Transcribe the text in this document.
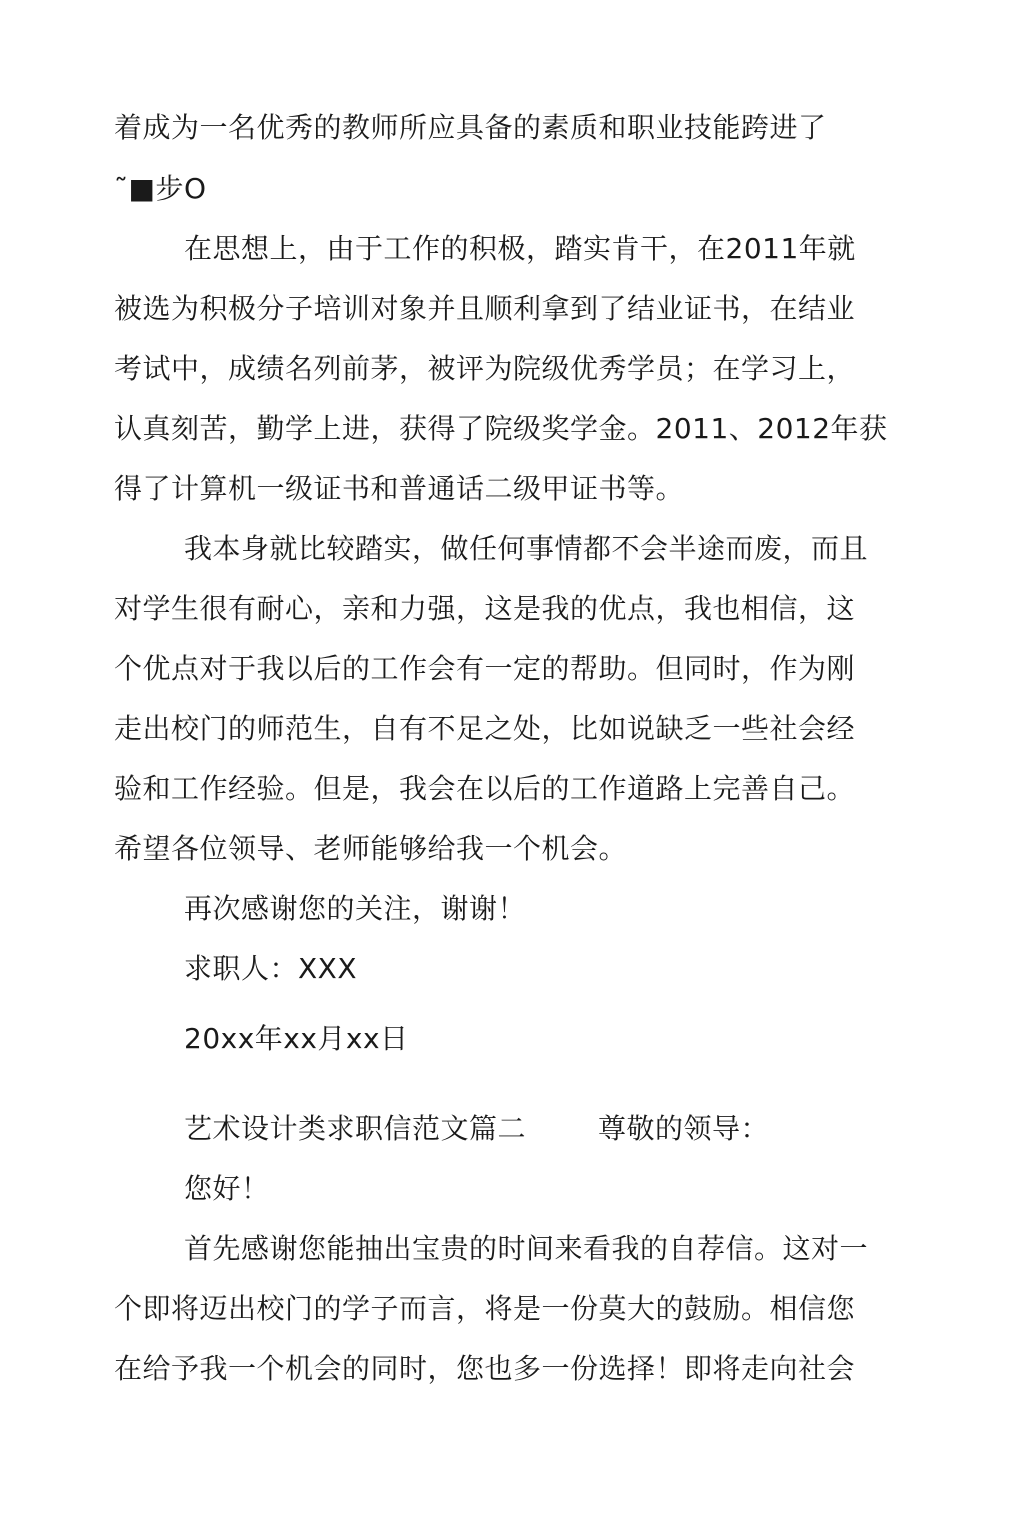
着成为一名优秀的教师所应具备的素质和职业技能跨进了
˜■步O
在思想上，由于工作的积极，踏实肯干，在2011年就
被选为积极分子培训对象并且顺利拿到了结业证书，在结业
考试中，成绩名列前茅，被评为院级优秀学员；在学习上，
认真刻苦，勤学上进，获得了院级奖学金。2011、2012年获
得了计算机一级证书和普通话二级甲证书等。
我本身就比较踏实，做任何事情都不会半途而废，而且
对学生很有耐心，亲和力强，这是我的优点，我也相信，这
个优点对于我以后的工作会有一定的帮助。但同时，作为刚
走出校门的师范生，自有不足之处，比如说缺乏一些社会经
验和工作经验。但是，我会在以后的工作道路上完善自己。
希望各位领导、老师能够给我一个机会。
再次感谢您的关注，谢谢！
求职人：XXX
20xx年xx月xx日
艺术设计类求职信范文篇二	尊敬的领导：
您好！
首先感谢您能抽出宝贵的时间来看我的自荐信。这对一
个即将迈出校门的学子而言，将是一份莫大的鼓励。相信您
在给予我一个机会的同时，您也多一份选择！即将走向社会
